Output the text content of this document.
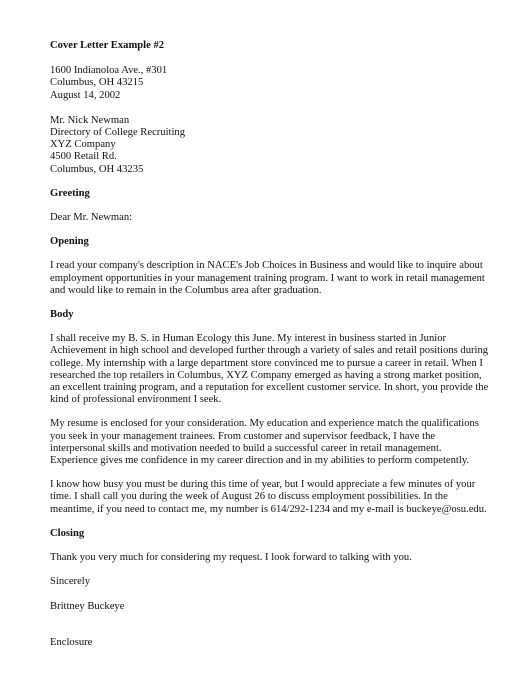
Cover Letter Example #2

1600 Indianoloa Ave., #301
Columbus, OH 43215
August 14, 2002
Mr. Nick Newman
Directory of College Recruiting
XYZ Company
4500 Retail Rd.
Columbus, OH 43235

Greeting

Dear Mr. Newman:

Opening

I read your company's description in NACE's Job Choices in Business and would like to inquire about
employment opportunities in your management training program. I want to work in retail management
and would like to remain in the Columbus area after graduation.

Body

I shall receive my B. S. in Human Ecology this June. My interest in business started in Junior
Achievement in high school and developed further through a variety of sales and retail positions during
college. My internship with a large department store convinced me to pursue a career in retail. When I
researched the top retailers in Columbus, XYZ Company emerged as having a strong market position,
an excellent training program, and a reputation for excellent customer service. In short, you provide the
kind of professional environment I seek.
My resume is enclosed for your consideration. My education and experience match the qualifications
you seek in your management trainees. From customer and supervisor feedback, I have the
interpersonal skills and motivation needed to build a successful career in retail management.
Experience gives me confidence in my career direction and in my abilities to perform competently.
I know how busy you must be during this time of year, but I would appreciate a few minutes of your
time. I shall call you during the week of August 26 to discuss employment possibilities. In the
meantime, if you need to contact me, my number is 614/292-1234 and my e-mail is buckeye@osu.edu.

Closing

Thank you very much for considering my request. I look forward to talking with you.

Sincerely

Brittney Buckeye

Enclosure
